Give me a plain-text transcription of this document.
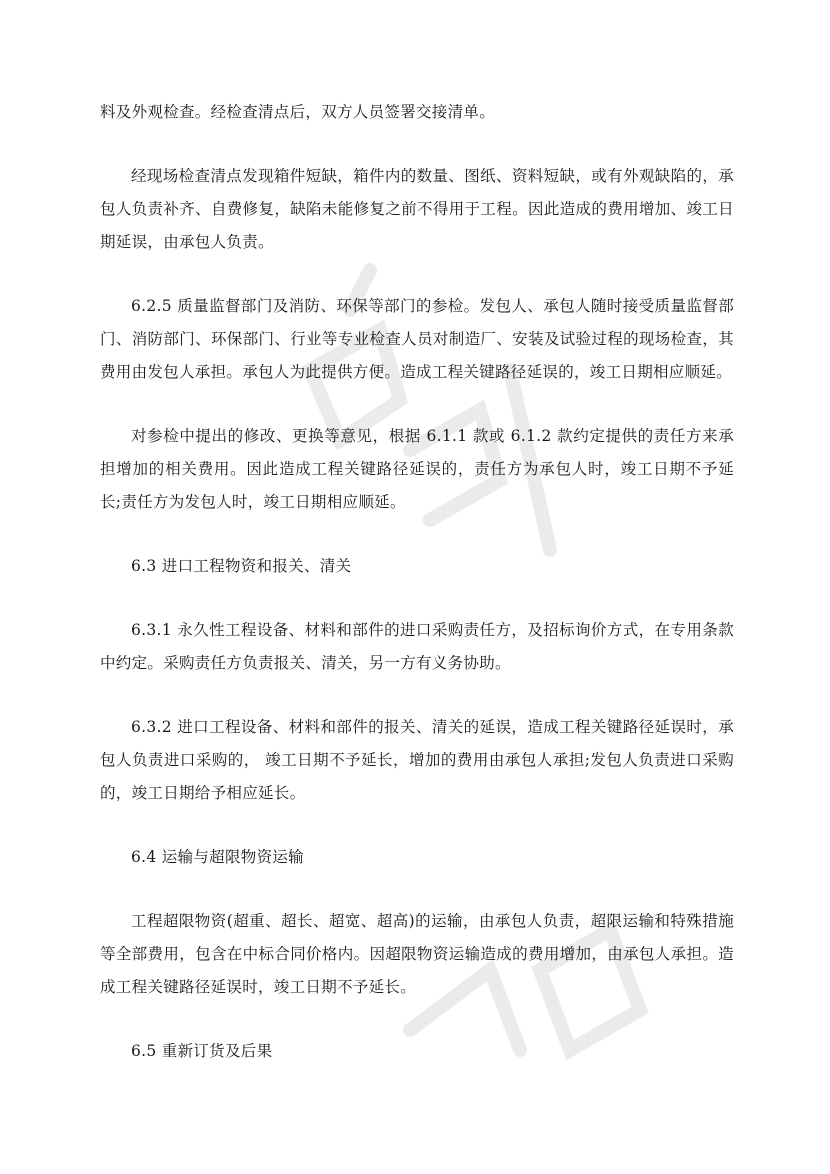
料及外观检查。经检查清点后，双方人员签署交接清单。

经现场检查清点发现箱件短缺，箱件内的数量、图纸、资料短缺，或有外观缺陷的，承包人负责补齐、自费修复，缺陷未能修复之前不得用于工程。因此造成的费用增加、竣工日期延误，由承包人负责。

6.2.5 质量监督部门及消防、环保等部门的参检。发包人、承包人随时接受质量监督部门、消防部门、环保部门、行业等专业检查人员对制造厂、安装及试验过程的现场检查，其费用由发包人承担。承包人为此提供方便。造成工程关键路径延误的，竣工日期相应顺延。

对参检中提出的修改、更换等意见，根据 6.1.1 款或 6.1.2 款约定提供的责任方来承担增加的相关费用。因此造成工程关键路径延误的，责任方为承包人时，竣工日期不予延长;责任方为发包人时，竣工日期相应顺延。

6.3 进口工程物资和报关、清关

6.3.1 永久性工程设备、材料和部件的进口采购责任方，及招标询价方式，在专用条款中约定。采购责任方负责报关、清关，另一方有义务协助。

6.3.2 进口工程设备、材料和部件的报关、清关的延误，造成工程关键路径延误时，承包人负责进口采购的， 竣工日期不予延长，增加的费用由承包人承担;发包人负责进口采购的，竣工日期给予相应延长。

6.4 运输与超限物资运输

工程超限物资(超重、超长、超宽、超高)的运输，由承包人负责，超限运输和特殊措施等全部费用，包含在中标合同价格内。因超限物资运输造成的费用增加，由承包人承担。造成工程关键路径延误时，竣工日期不予延长。

6.5 重新订货及后果
